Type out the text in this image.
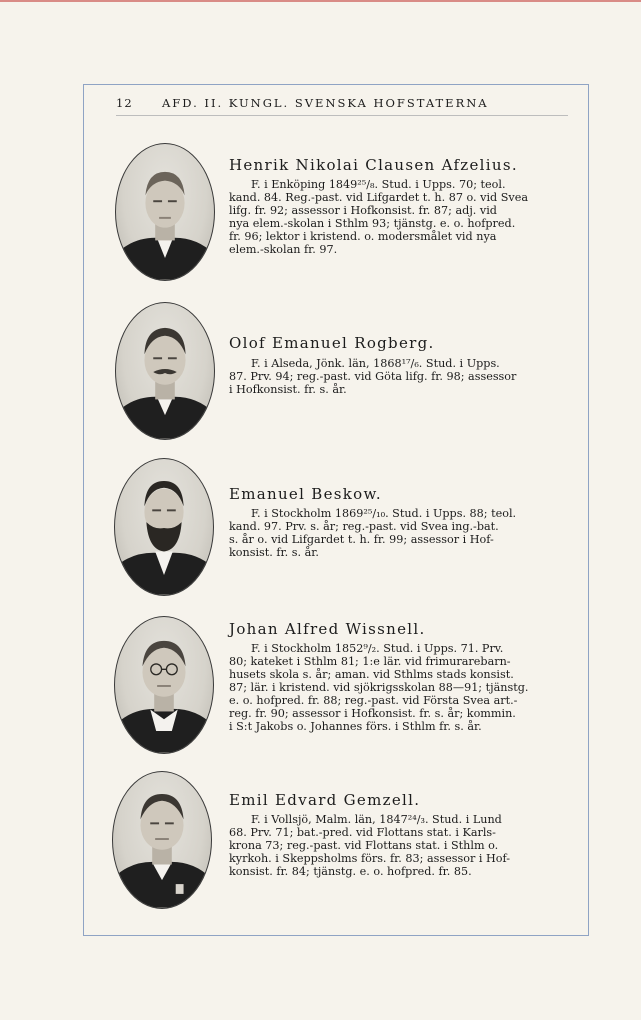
12	AFD. II. KUNGL. SVENSKA HOFSTATERNA
Henrik Nikolai Clausen Afzelius.
F. i Enköping 1849²⁵/₈. Stud. i Upps. 70; teol.
kand. 84. Reg.-past. vid Lifgardet t. h. 87 o. vid Svea
lifg. fr. 92; assessor i Hofkonsist. fr. 87; adj. vid
nya elem.-skolan i Sthlm 93; tjänstg. e. o. hofpred.
fr. 96; lektor i kristend. o. modersmålet vid nya
elem.-skolan fr. 97.
Olof Emanuel Rogberg.
F. i Alseda, Jönk. län, 1868¹⁷/₆. Stud. i Upps.
87. Prv. 94; reg.-past. vid Göta lifg. fr. 98; assessor
i Hofkonsist. fr. s. år.
Emanuel Beskow.
F. i Stockholm 1869²⁵/₁₀. Stud. i Upps. 88; teol.
kand. 97. Prv. s. år; reg.-past. vid Svea ing.-bat.
s. år o. vid Lifgardet t. h. fr. 99; assessor i Hof-
konsist. fr. s. år.
Johan Alfred Wissnell.
F. i Stockholm 1852⁹/₂. Stud. i Upps. 71. Prv.
80; kateket i Sthlm 81; 1:e lär. vid frimurarebarn-
husets skola s. år; aman. vid Sthlms stads konsist.
87; lär. i kristend. vid sjökrigsskolan 88—91; tjänstg.
e. o. hofpred. fr. 88; reg.-past. vid Första Svea art.-
reg. fr. 90; assessor i Hofkonsist. fr. s. år; kommin.
i S:t Jakobs o. Johannes förs. i Sthlm fr. s. år.
Emil Edvard Gemzell.
F. i Vollsjö, Malm. län, 1847²⁴/₃. Stud. i Lund
68. Prv. 71; bat.-pred. vid Flottans stat. i Karls-
krona 73; reg.-past. vid Flottans stat. i Sthlm o.
kyrkoh. i Skeppsholms förs. fr. 83; assessor i Hof-
konsist. fr. 84; tjänstg. e. o. hofpred. fr. 85.
